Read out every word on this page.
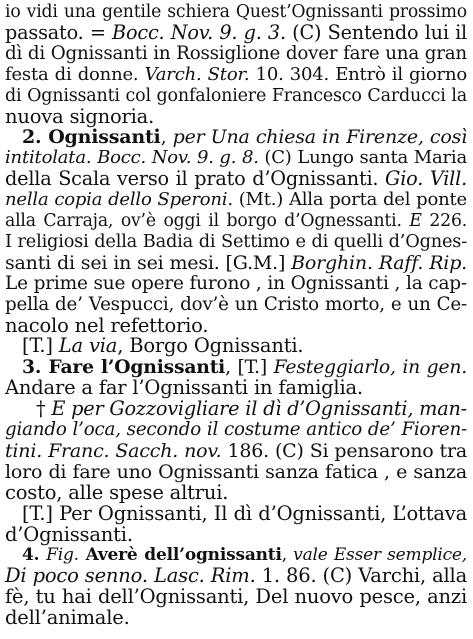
io vidi una gentile schiera Quest’Ognissanti prossimo
passato. = Bocc. Nov. 9. g. 3. (C) Sentendo lui il
dì di Ognissanti in Rossiglione dover fare una gran
festa di donne. Varch. Stor. 10. 304. Entrò il giorno
di Ognissanti col gonfaloniere Francesco Carducci la
nuova signoria.
2. Ognissanti, per Una chiesa in Firenze, così
intitolata. Bocc. Nov. 9. g. 8. (C) Lungo santa Maria
della Scala verso il prato d’Ognissanti. Gio. Vill.
nella copia dello Speroni. (Mt.) Alla porta del ponte
alla Carraja, ov’è oggi il borgo d’Ognessanti. E 226.
I religiosi della Badia di Settimo e di quelli d’Ognes-
santi di sei in sei mesi. [G.M.] Borghin. Raff. Rip.
Le prime sue opere furono , in Ognissanti , la cap-
pella de’ Vespucci, dov’è un Cristo morto, e un Ce-
nacolo nel refettorio.
[T.] La via, Borgo Ognissanti.
3. Fare l’Ognissanti, [T.] Festeggiarlo, in gen.
Andare a far l’Ognissanti in famiglia.
† E per Gozzovigliare il dì d’Ognissanti, man-
giando l’oca, secondo il costume antico de’ Fioren-
tini. Franc. Sacch. nov. 186. (C) Si pensarono tra
loro di fare uno Ognissanti sanza fatica , e sanza
costo, alle spese altrui.
[T.] Per Ognissanti, Il dì d’Ognissanti, L’ottava
d’Ognissanti.
4. Fig. Averè dell’ognissanti, vale Esser semplice,
Di poco senno. Lasc. Rim. 1. 86. (C) Varchi, alla
fè, tu hai dell’Ognissanti, Del nuovo pesce, anzi
dell’animale.
